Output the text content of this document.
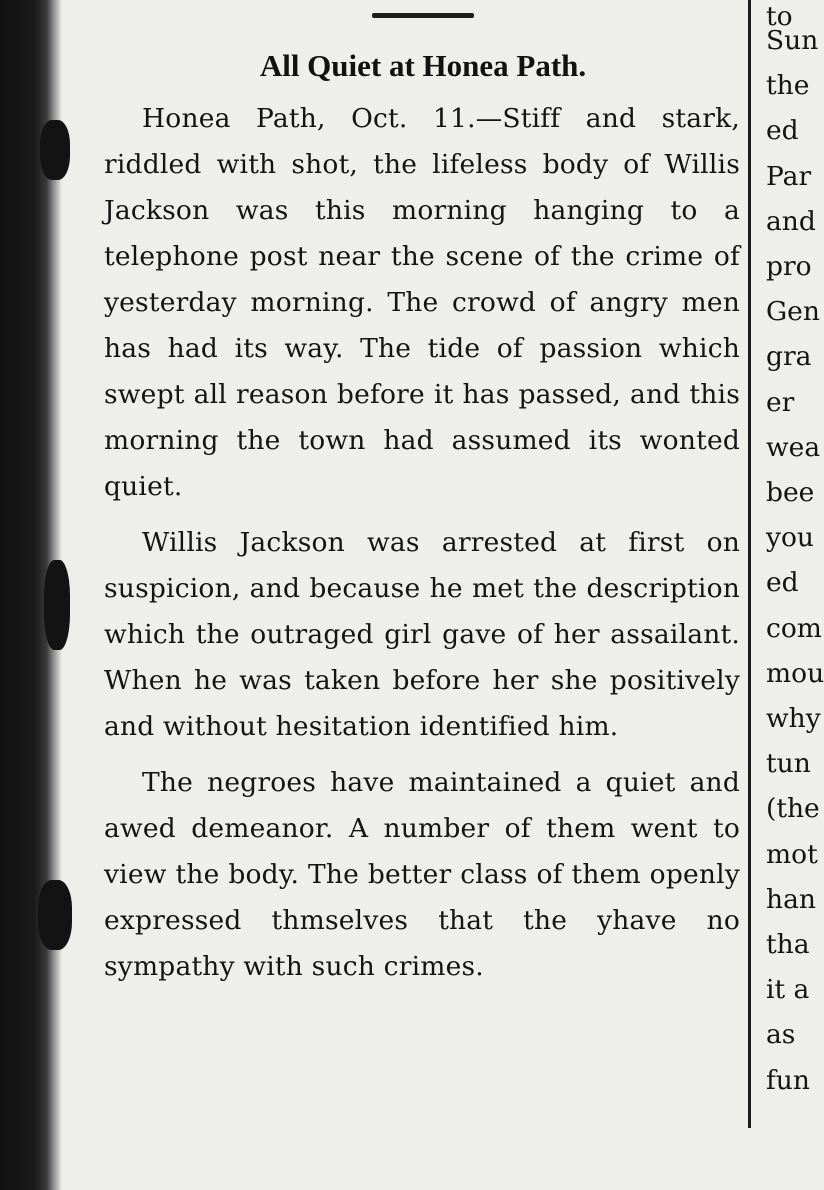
All Quiet at Honea Path.

Honea Path, Oct. 11.—Stiff and stark, riddled with shot, the lifeless body of Willis Jackson was this morning hanging to a telephone post near the scene of the crime of yesterday morning. The crowd of angry men has had its way. The tide of passion which swept all reason before it has passed, and this morning the town had assumed its wonted quiet.

Willis Jackson was arrested at first on suspicion, and because he met the description which the outraged girl gave of her assailant. When he was taken before her she positively and without hesitation identified him.

The negroes have maintained a quiet and awed demeanor. A number of them went to view the body. The better class of them openly expressed thmselves that the yhave no sympathy with such crimes.

to
Sun
the
ed
Par
and
pro
Gen
gra
er
wea
bee
you
ed
com
mou
why
tun
(the
mot
han
tha
it a
as
fun
